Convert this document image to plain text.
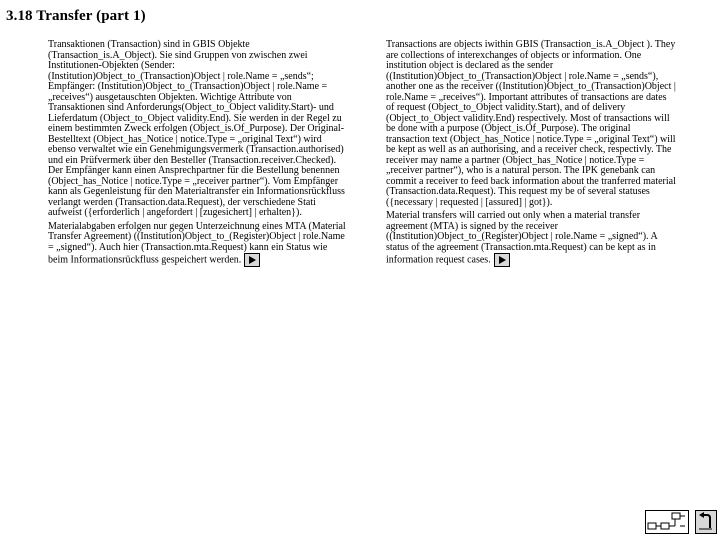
3.18 Transfer (part 1)

Transaktionen (Transaction) sind in GBIS Objekte (Transaction_is.A_Object). Sie sind Gruppen von zwischen zwei Institutionen-Objekten (Sender: (Institution)Object_to_(Transaction)Object | role.Name = „sends“; Empfänger: (Institution)Object_to_(Transaction)Object | role.Name = „receives“) ausgetauschten Objekten. Wichtige Attribute von Transaktionen sind Anforderungs(Object_to_Object validity.Start)- und Lieferdatum (Object_to_Object validity.End). Sie werden in der Regel zu einem bestimmten Zweck erfolgen (Object_is.Of_Purpose). Der Original-Bestelltext (Object_has_Notice | notice.Type = „original Text“) wird ebenso verwaltet wie ein Genehmigungsvermerk (Transaction.authorised) und ein Prüfvermerk über den Besteller (Transaction.receiver.Checked). Der Empfänger kann einen Ansprechpartner für die Bestellung benennen (Object_has_Notice | notice.Type = „receiver partner“). Vom Empfänger kann als Gegenleistung für den Materialtransfer ein Informationsrückfluss verlangt werden (Transaction.data.Request), der verschiedene Stati aufweist ({erforderlich | angefordert | [zugesichert] | erhalten}).

Materialabgaben erfolgen nur gegen Unterzeichnung eines MTA (Material Transfer Agreement) ((Institution)Object_to_(Register)Object | role.Name = „signed“). Auch hier (Transaction.mta.Request) kann ein Status wie beim Informationsrückfluss gespeichert werden.

Transactions are objects iwithin GBIS (Transaction_is.A_Object ). They are collections of interexchanges of objects or information. One institution object is declared as the sender ((Institution)Object_to_(Transaction)Object | role.Name = „sends“), another one as the receiver ((Institution)Object_to_(Transaction)Object | role.Name = „receives“). Important attributes of transactions are dates of request (Object_to_Object validity.Start), and of delivery (Object_to_Object validity.End) respectively. Most of transactions will be done with a purpose (Object_is.Of_Purpose). The original transaction text (Object_has_Notice | notice.Type = „original Text“) will be kept as well as an authorising, and a receiver check, respectivly. The receiver may name a partner (Object_has_Notice | notice.Type = „receiver partner“), who is a natural person. The IPK genebank can commit a receiver to feed back information about the tranferred material (Transaction.data.Request). This request my be of several statuses ({necessary | requested | [assured] | got}).

Material transfers will carried out only when a material transfer agreement (MTA) is signed by the receiver ((Institution)Object_to_(Register)Object | role.Name = „signed“). A status of the agreement (Transaction.mta.Request) can be kept as in information request cases.
